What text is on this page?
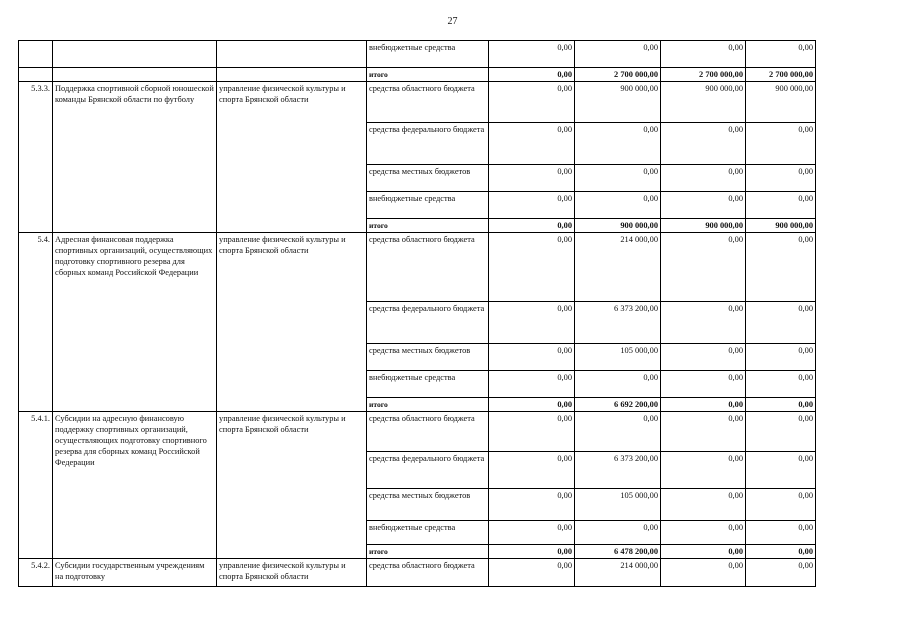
27
			внебюджетные средства	0,00	0,00	0,00	0,00
			итого	0,00	2 700 000,00	2 700 000,00	2 700 000,00
5.3.3.	Поддержка спортивной сборной юношеской команды Брянской области по футболу	управление физической культуры и спорта Брянской области	средства областного бюджета	0,00	900 000,00	900 000,00	900 000,00
			средства федерального бюджета	0,00	0,00	0,00	0,00
			средства местных бюджетов	0,00	0,00	0,00	0,00
			внебюджетные средства	0,00	0,00	0,00	0,00
			итого	0,00	900 000,00	900 000,00	900 000,00
5.4.	Адресная финансовая поддержка спортивных организаций, осуществляющих подготовку спортивного резерва для сборных команд Российской Федерации	управление физической культуры и спорта Брянской области	средства областного бюджета	0,00	214 000,00	0,00	0,00
			средства федерального бюджета	0,00	6 373 200,00	0,00	0,00
			средства местных бюджетов	0,00	105 000,00	0,00	0,00
			внебюджетные средства	0,00	0,00	0,00	0,00
			итого	0,00	6 692 200,00	0,00	0,00
5.4.1.	Субсидии на адресную финансовую поддержку спортивных организаций, осуществляющих подготовку спортивного резерва для сборных команд Российской Федерации	управление физической культуры и спорта Брянской области	средства областного бюджета	0,00	0,00	0,00	0,00
			средства федерального бюджета	0,00	6 373 200,00	0,00	0,00
			средства местных бюджетов	0,00	105 000,00	0,00	0,00
			внебюджетные средства	0,00	0,00	0,00	0,00
			итого	0,00	6 478 200,00	0,00	0,00
5.4.2.	Субсидии государственным учреждениям на подготовку	управление физической культуры и спорта Брянской области	средства областного бюджета	0,00	214 000,00	0,00	0,00
